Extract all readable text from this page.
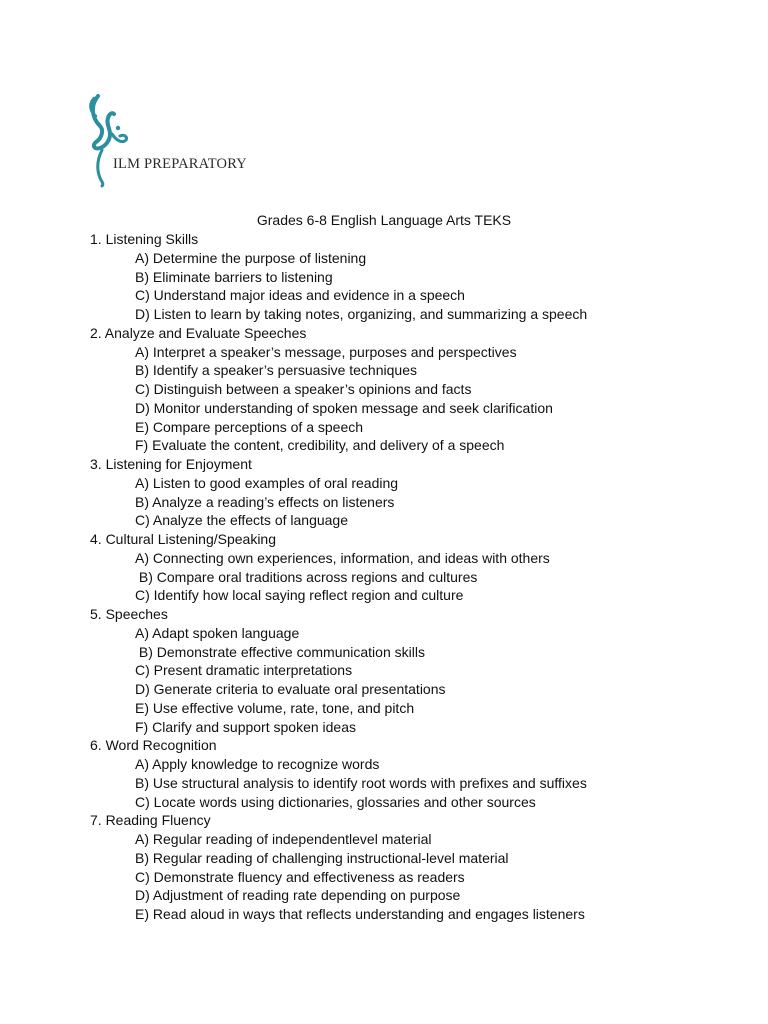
ILM PREPARATORY
Grades 6-8 English Language Arts TEKS
1. Listening Skills
A) Determine the purpose of listening
B) Eliminate barriers to listening
C) Understand major ideas and evidence in a speech
D) Listen to learn by taking notes, organizing, and summarizing a speech
2. Analyze and Evaluate Speeches
A) Interpret a speaker’s message, purposes and perspectives
B) Identify a speaker’s persuasive techniques
C) Distinguish between a speaker’s opinions and facts
D) Monitor understanding of spoken message and seek clarification
E) Compare perceptions of a speech
F) Evaluate the content, credibility, and delivery of a speech
3. Listening for Enjoyment
A) Listen to good examples of oral reading
B) Analyze a reading’s effects on listeners
C) Analyze the effects of language
4. Cultural Listening/Speaking
A) Connecting own experiences, information, and ideas with others
B) Compare oral traditions across regions and cultures
C) Identify how local saying reflect region and culture
5. Speeches
A) Adapt spoken language
B) Demonstrate effective communication skills
C) Present dramatic interpretations
D) Generate criteria to evaluate oral presentations
E) Use effective volume, rate, tone, and pitch
F) Clarify and support spoken ideas
6. Word Recognition
A) Apply knowledge to recognize words
B) Use structural analysis to identify root words with prefixes and suffixes
C) Locate words using dictionaries, glossaries and other sources
7. Reading Fluency
A) Regular reading of independentlevel material
B) Regular reading of challenging instructional-level material
C) Demonstrate fluency and effectiveness as readers
D) Adjustment of reading rate depending on purpose
E) Read aloud in ways that reflects understanding and engages listeners
